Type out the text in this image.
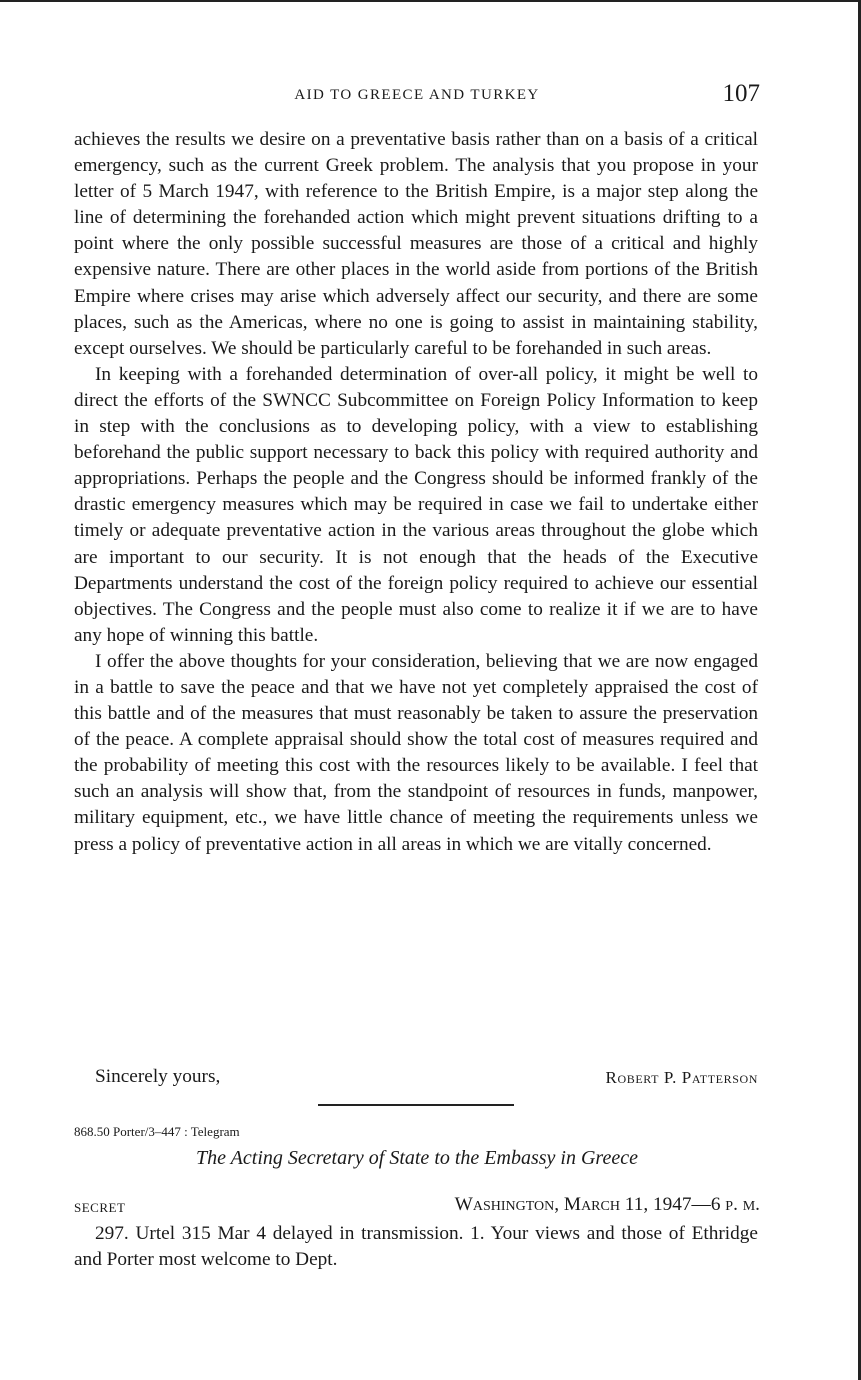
AID TO GREECE AND TURKEY	107

achieves the results we desire on a preventative basis rather than on a basis of a critical emergency, such as the current Greek problem. The analysis that you propose in your letter of 5 March 1947, with reference to the British Empire, is a major step along the line of determining the forehanded action which might prevent situations drifting to a point where the only possible successful measures are those of a critical and highly expensive nature. There are other places in the world aside from portions of the British Empire where crises may arise which adversely affect our security, and there are some places, such as the Americas, where no one is going to assist in maintaining stability, except ourselves. We should be particularly careful to be forehanded in such areas.

In keeping with a forehanded determination of over-all policy, it might be well to direct the efforts of the SWNCC Subcommittee on Foreign Policy Information to keep in step with the conclusions as to developing policy, with a view to establishing beforehand the public support necessary to back this policy with required authority and appropriations. Perhaps the people and the Congress should be informed frankly of the drastic emergency measures which may be required in case we fail to undertake either timely or adequate preventative action in the various areas throughout the globe which are important to our security. It is not enough that the heads of the Executive Departments understand the cost of the foreign policy required to achieve our essential objectives. The Congress and the people must also come to realize it if we are to have any hope of winning this battle.

I offer the above thoughts for your consideration, believing that we are now engaged in a battle to save the peace and that we have not yet completely appraised the cost of this battle and of the measures that must reasonably be taken to assure the preservation of the peace. A complete appraisal should show the total cost of measures required and the probability of meeting this cost with the resources likely to be available. I feel that such an analysis will show that, from the standpoint of resources in funds, manpower, military equipment, etc., we have little chance of meeting the requirements unless we press a policy of preventative action in all areas in which we are vitally concerned.

Sincerely yours,	Robert P. Patterson
868.50 Porter/3–447 : Telegram
The Acting Secretary of State to the Embassy in Greece
SECRET	Washington, March 11, 1947—6 p. m.

297. Urtel 315 Mar 4 delayed in transmission. 1. Your views and those of Ethridge and Porter most welcome to Dept.
